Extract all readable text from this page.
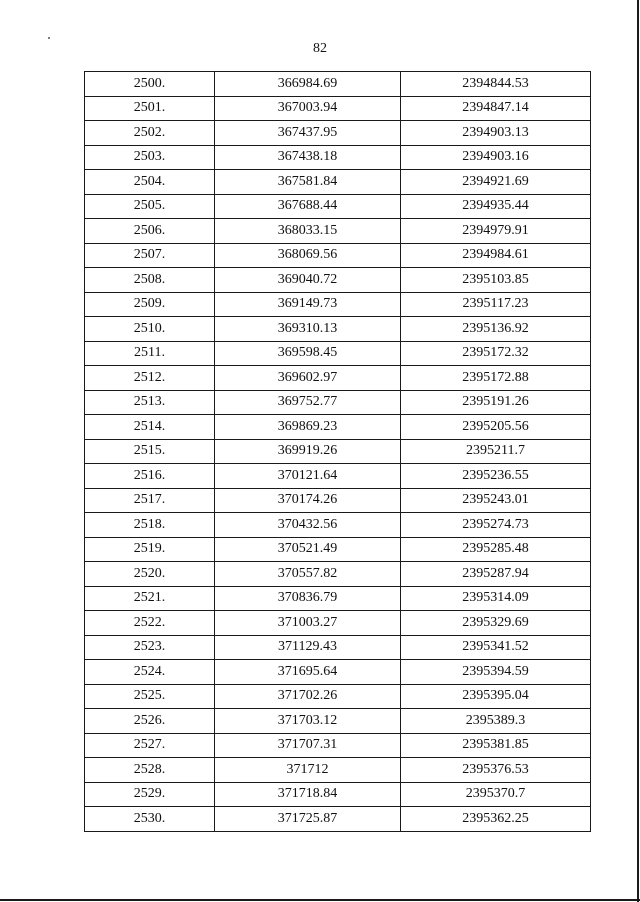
82
2500.	366984.69	2394844.53
2501.	367003.94	2394847.14
2502.	367437.95	2394903.13
2503.	367438.18	2394903.16
2504.	367581.84	2394921.69
2505.	367688.44	2394935.44
2506.	368033.15	2394979.91
2507.	368069.56	2394984.61
2508.	369040.72	2395103.85
2509.	369149.73	2395117.23
2510.	369310.13	2395136.92
2511.	369598.45	2395172.32
2512.	369602.97	2395172.88
2513.	369752.77	2395191.26
2514.	369869.23	2395205.56
2515.	369919.26	2395211.7
2516.	370121.64	2395236.55
2517.	370174.26	2395243.01
2518.	370432.56	2395274.73
2519.	370521.49	2395285.48
2520.	370557.82	2395287.94
2521.	370836.79	2395314.09
2522.	371003.27	2395329.69
2523.	371129.43	2395341.52
2524.	371695.64	2395394.59
2525.	371702.26	2395395.04
2526.	371703.12	2395389.3
2527.	371707.31	2395381.85
2528.	371712	2395376.53
2529.	371718.84	2395370.7
2530.	371725.87	2395362.25
